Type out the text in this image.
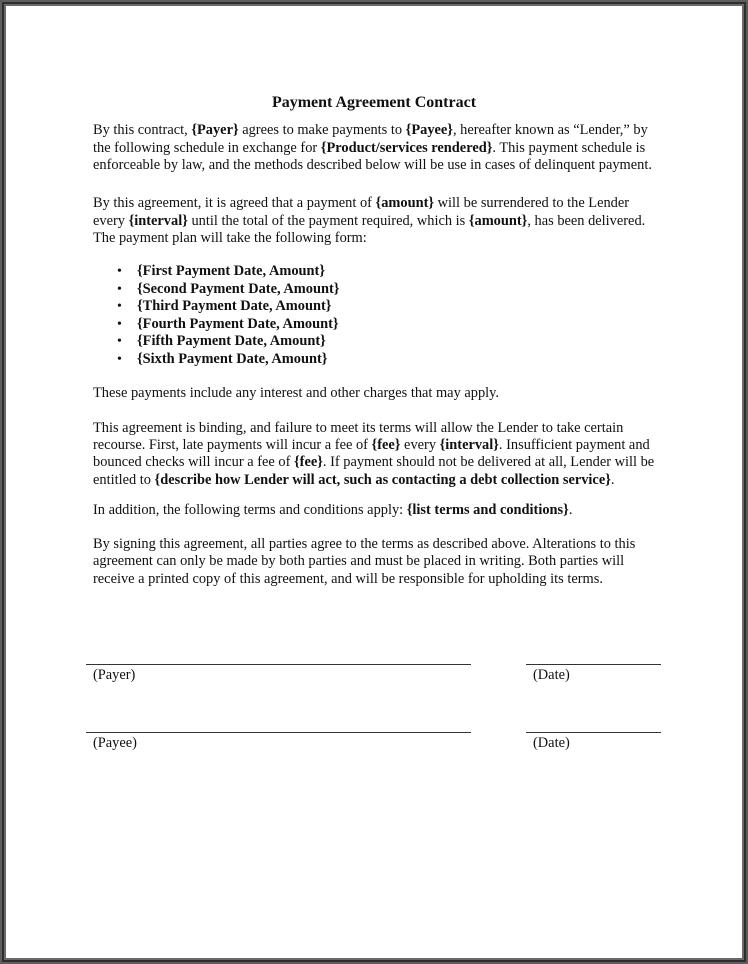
Payment Agreement Contract
By this contract, {Payer} agrees to make payments to {Payee}, hereafter known as “Lender,” by
the following schedule in exchange for {Product/services rendered}. This payment schedule is
enforceable by law, and the methods described below will be use in cases of delinquent payment.
By this agreement, it is agreed that a payment of {amount} will be surrendered to the Lender
every {interval} until the total of the payment required, which is {amount}, has been delivered.
The payment plan will take the following form:
These payments include any interest and other charges that may apply.
This agreement is binding, and failure to meet its terms will allow the Lender to take certain
recourse. First, late payments will incur a fee of {fee} every {interval}. Insufficient payment and
bounced checks will incur a fee of {fee}. If payment should not be delivered at all, Lender will be
entitled to {describe how Lender will act, such as contacting a debt collection service}.
In addition, the following terms and conditions apply: {list terms and conditions}.
By signing this agreement, all parties agree to the terms as described above. Alterations to this
agreement can only be made by both parties and must be placed in writing. Both parties will
receive a printed copy of this agreement, and will be responsible for upholding its terms.
• {First Payment Date, Amount}
• {Second Payment Date, Amount}
• {Third Payment Date, Amount}
• {Fourth Payment Date, Amount}
• {Fifth Payment Date, Amount}
• {Sixth Payment Date, Amount}
(Payer)	(Date)
(Payee)	(Date)
